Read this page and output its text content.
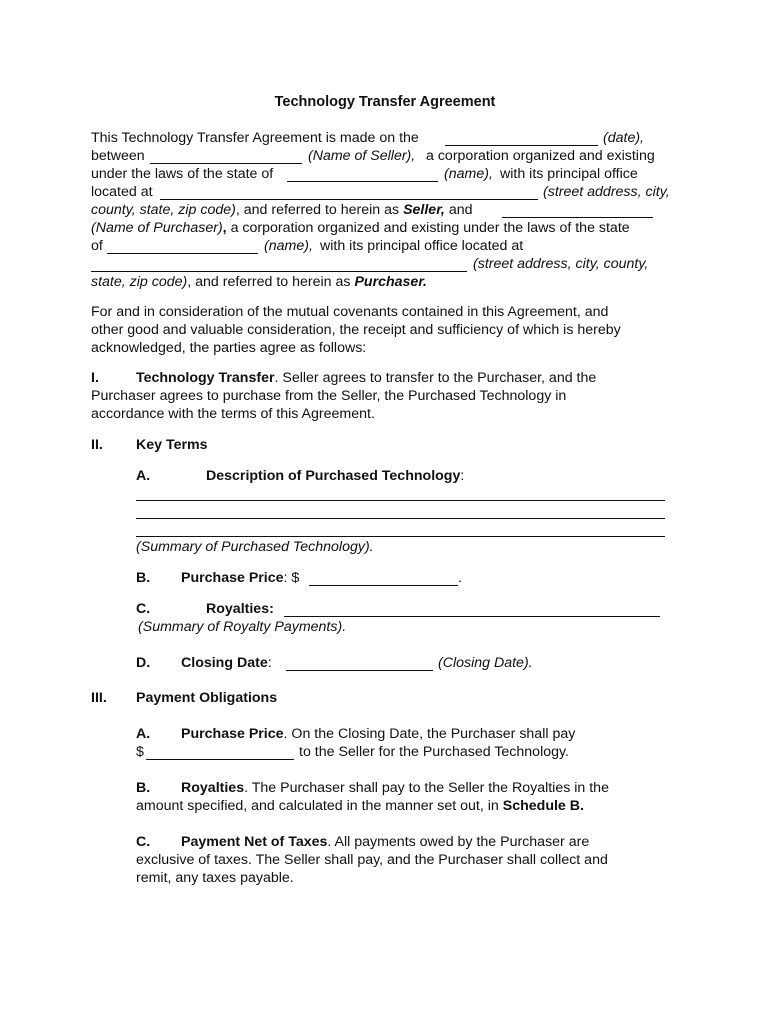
Technology Transfer Agreement
This Technology Transfer Agreement is made on the	(date),
between	(Name of Seller), a corporation organized and existing
under the laws of the state of	(name), with its principal office
located at	(street address, city,
county, state, zip code), and referred to herein as Seller, and
(Name of Purchaser), a corporation organized and existing under the laws of the state
of	(name), with its principal office located at
(street address, city, county,
state, zip code), and referred to herein as Purchaser.
For and in consideration of the mutual covenants contained in this Agreement, and
other good and valuable consideration, the receipt and sufficiency of which is hereby
acknowledged, the parties agree as follows:
I.	Technology Transfer. Seller agrees to transfer to the Purchaser, and the
Purchaser agrees to purchase from the Seller, the Purchased Technology in
accordance with the terms of this Agreement.
II. Key Terms
A.	Description of Purchased Technology:
(Summary of Purchased Technology).
B. Purchase Price: $	.
C.	Royalties:
(Summary of Royalty Payments).
D. Closing Date:	(Closing Date).
III. Payment Obligations
A. Purchase Price. On the Closing Date, the Purchaser shall pay
$	to the Seller for the Purchased Technology.
B. Royalties. The Purchaser shall pay to the Seller the Royalties in the
amount specified, and calculated in the manner set out, in Schedule B.
C. Payment Net of Taxes. All payments owed by the Purchaser are
exclusive of taxes. The Seller shall pay, and the Purchaser shall collect and
remit, any taxes payable.
